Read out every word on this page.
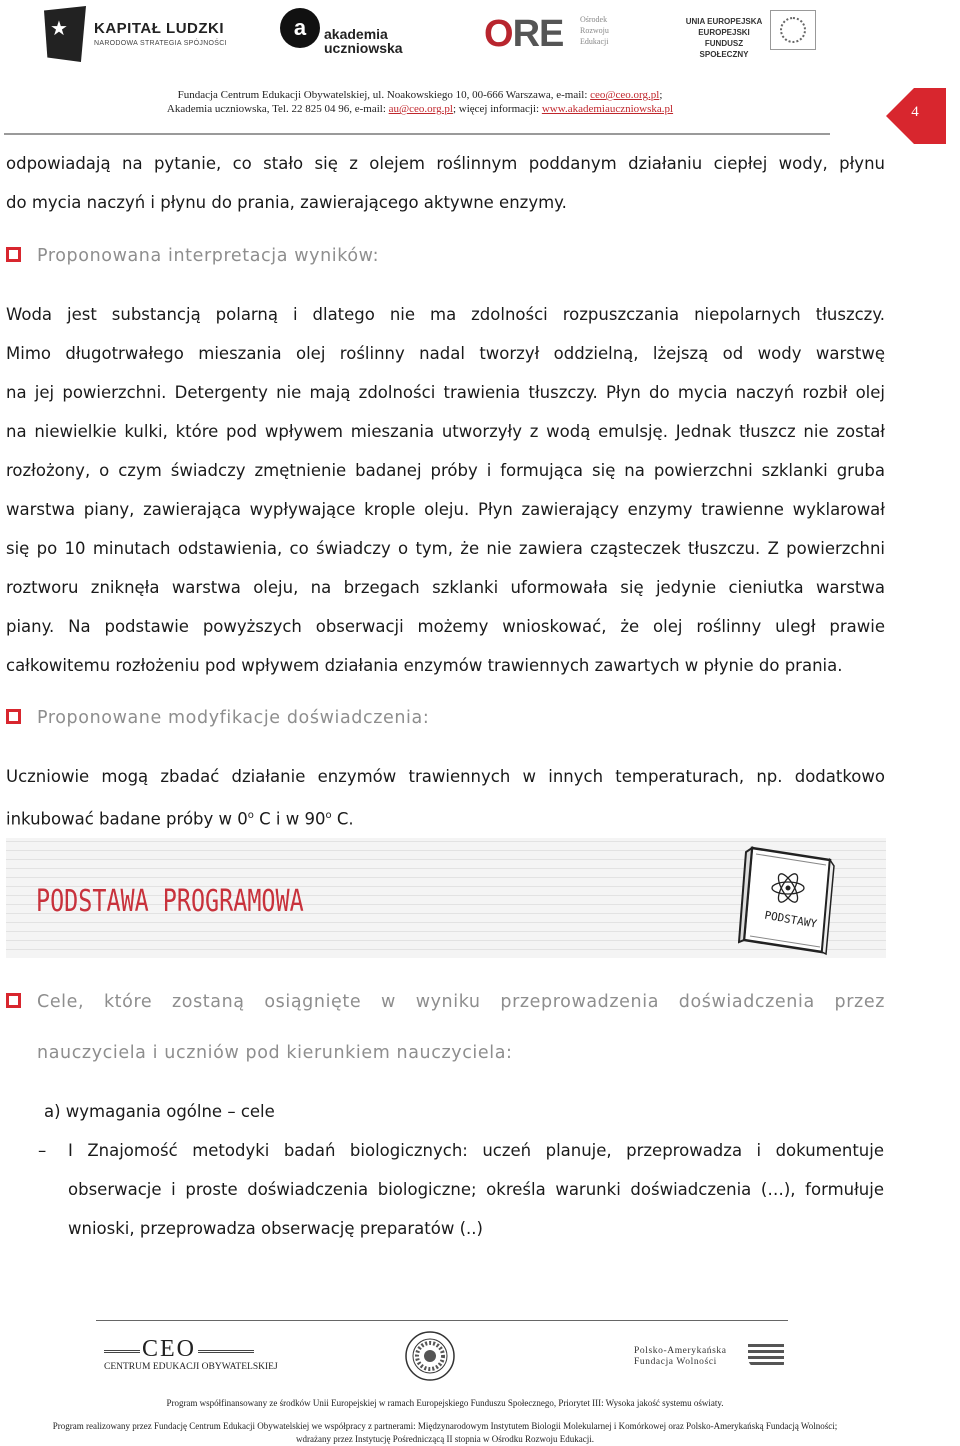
★ KAPITAŁ LUDZKI
NARODOWA STRATEGIA SPÓJNOŚCI
a	akademia
uczniowska ORE Ośrodek
Rozwoju
Edukacji
UNIA EUROPEJSKA
EUROPEJSKI
FUNDUSZ SPOŁECZNY
Fundacja Centrum Edukacji Obywatelskiej, ul. Noakowskiego 10, 00-666 Warszawa, e-mail: ceo@ceo.org.pl;
Akademia uczniowska, Tel. 22 825 04 96, e-mail: au@ceo.org.pl; więcej informacji: www.akademiauczniowska.pl	4
odpowiadają na pytanie, co stało się z olejem roślinnym poddanym działaniu ciepłej wody, płynu
do mycia naczyń i płynu do prania, zawierającego aktywne enzymy.
Proponowana interpretacja wyników:
Woda jest substancją polarną i dlatego nie ma zdolności rozpuszczania niepolarnych tłuszczy.
Mimo długotrwałego mieszania olej roślinny nadal tworzył oddzielną, lżejszą od wody warstwę
na jej powierzchni. Detergenty nie mają zdolności trawienia tłuszczy. Płyn do mycia naczyń rozbił olej
na niewielkie kulki, które pod wpływem mieszania utworzyły z wodą emulsję. Jednak tłuszcz nie został
rozłożony, o czym świadczy zmętnienie badanej próby i formująca się na powierzchni szklanki gruba
warstwa piany, zawierająca wypływające krople oleju. Płyn zawierający enzymy trawienne wyklarował
się po 10 minutach odstawienia, co świadczy o tym, że nie zawiera cząsteczek tłuszczu. Z powierzchni
roztworu zniknęła warstwa oleju, na brzegach szklanki uformowała się jedynie cieniutka warstwa
piany. Na podstawie powyższych obserwacji możemy wnioskować, że olej roślinny uległ prawie
całkowitemu rozłożeniu pod wpływem działania enzymów trawiennych zawartych w płynie do prania.
Proponowane modyfikacje doświadczenia:
Uczniowie mogą zbadać działanie enzymów trawiennych w innych temperaturach, np. dodatkowo
inkubować badane próby w 0$^o$ C i w 90$^o$ C.
PODSTAWA PROGRAMOWA
PODSTAWY
Cele, które zostaną osiągnięte w wyniku przeprowadzenia doświadczenia przez
nauczyciela i uczniów pod kierunkiem nauczyciela:
a) wymagania ogólne – cele
– I Znajomość metodyki badań biologicznych: uczeń planuje, przeprowadza i dokumentuje
obserwacje i proste doświadczenia biologiczne; określa warunki doświadczenia (…), formułuje
wnioski, przeprowadza obserwację preparatów (..)
CEO
CENTRUM EDUKACJI OBYWATELSKIEJ
Polsko-Amerykańska
Fundacja Wolności
Program współfinansowany ze środków Unii Europejskiej w ramach Europejskiego Funduszu Społecznego, Priorytet III: Wysoka jakość systemu oświaty.
Program realizowany przez Fundację Centrum Edukacji Obywatelskiej we współpracy z partnerami: Międzynarodowym Instytutem Biologii Molekularnej i Komórkowej oraz Polsko-Amerykańską Fundacją Wolności;
wdrażany przez Instytucję Pośredniczącą II stopnia w Ośrodku Rozwoju Edukacji.
